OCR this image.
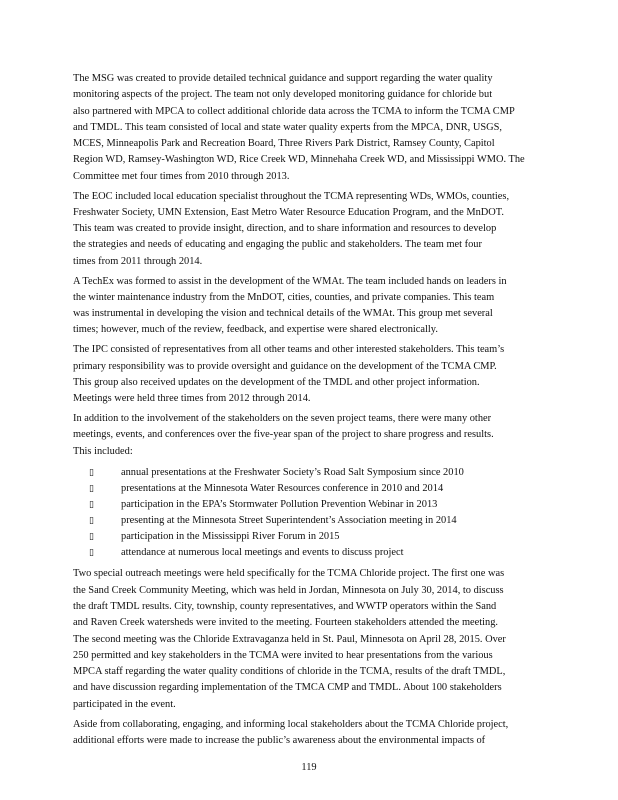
The MSG was created to provide detailed technical guidance and support regarding the water quality
monitoring aspects of the project. The team not only developed monitoring guidance for chloride but
also partnered with MPCA to collect additional chloride data across the TCMA to inform the TCMA CMP
and TMDL. This team consisted of local and state water quality experts from the MPCA, DNR, USGS,
MCES, Minneapolis Park and Recreation Board, Three Rivers Park District, Ramsey County, Capitol
Region WD, Ramsey-Washington WD, Rice Creek WD, Minnehaha Creek WD, and Mississippi WMO. The
Committee met four times from 2010 through 2013.
The EOC included local education specialist throughout the TCMA representing WDs, WMOs, counties,
Freshwater Society, UMN Extension, East Metro Water Resource Education Program, and the MnDOT.
This team was created to provide insight, direction, and to share information and resources to develop
the strategies and needs of educating and engaging the public and stakeholders. The team met four
times from 2011 through 2014.
A TechEx was formed to assist in the development of the WMAt. The team included hands on leaders in
the winter maintenance industry from the MnDOT, cities, counties, and private companies. This team
was instrumental in developing the vision and technical details of the WMAt. This group met several
times; however, much of the review, feedback, and expertise were shared electronically.
The IPC consisted of representatives from all other teams and other interested stakeholders. This team’s
primary responsibility was to provide oversight and guidance on the development of the TCMA CMP.
This group also received updates on the development of the TMDL and other project information.
Meetings were held three times from 2012 through 2014.
In addition to the involvement of the stakeholders on the seven project teams, there were many other
meetings, events, and conferences over the five-year span of the project to share progress and results.
This included:
▯	annual presentations at the Freshwater Society’s Road Salt Symposium since 2010
▯	presentations at the Minnesota Water Resources conference in 2010 and 2014
▯	participation in the EPA’s Stormwater Pollution Prevention Webinar in 2013
▯	presenting at the Minnesota Street Superintendent’s Association meeting in 2014
▯	participation in the Mississippi River Forum in 2015
▯	attendance at numerous local meetings and events to discuss project
Two special outreach meetings were held specifically for the TCMA Chloride project. The first one was
the Sand Creek Community Meeting, which was held in Jordan, Minnesota on July 30, 2014, to discuss
the draft TMDL results. City, township, county representatives, and WWTP operators within the Sand
and Raven Creek watersheds were invited to the meeting. Fourteen stakeholders attended the meeting.
The second meeting was the Chloride Extravaganza held in St. Paul, Minnesota on April 28, 2015. Over
250 permitted and key stakeholders in the TCMA were invited to hear presentations from the various
MPCA staff regarding the water quality conditions of chloride in the TCMA, results of the draft TMDL,
and have discussion regarding implementation of the TMCA CMP and TMDL. About 100 stakeholders
participated in the event.
Aside from collaborating, engaging, and informing local stakeholders about the TCMA Chloride project,
additional efforts were made to increase the public’s awareness about the environmental impacts of
119
